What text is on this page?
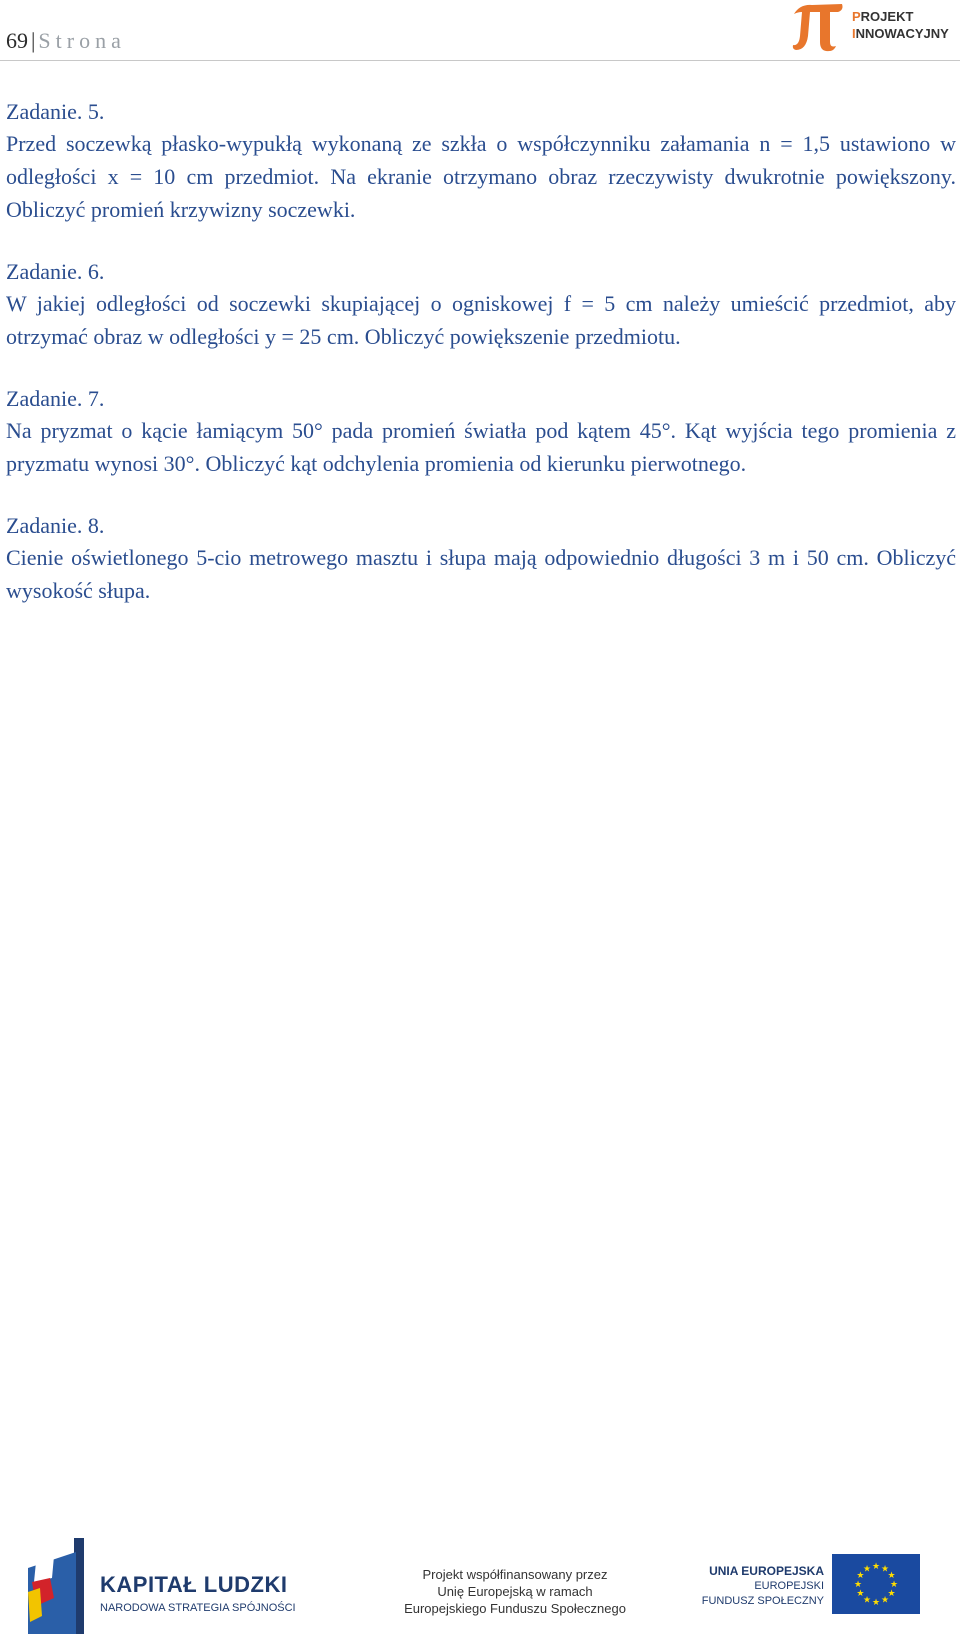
69 | Strona
PROJEKT
INNOWACYJNY
Zadanie. 5.
Przed soczewką płasko-wypukłą wykonaną ze szkła o współczynniku załamania n = 1,5 ustawiono w odległości x = 10 cm przedmiot. Na ekranie otrzymano obraz rzeczywisty dwukrotnie powiększony. Obliczyć promień krzywizny soczewki.
Zadanie. 6.
W jakiej odległości od soczewki skupiającej o ogniskowej f = 5 cm należy umieścić przedmiot, aby otrzymać obraz w odległości y = 25 cm. Obliczyć powiększenie przedmiotu.
Zadanie. 7.
Na pryzmat o kącie łamiącym 50° pada promień światła pod kątem 45°. Kąt wyjścia tego promienia z pryzmatu wynosi 30°. Obliczyć kąt odchylenia promienia od kierunku pierwotnego.
Zadanie. 8.
Cienie oświetlonego 5-cio metrowego masztu i słupa mają odpowiednio długości 3 m i 50 cm. Obliczyć wysokość słupa.
KAPITAŁ LUDZKI
NARODOWA STRATEGIA SPÓJNOŚCI
Projekt współfinansowany przez
Unię Europejską w ramach
Europejskiego Funduszu Społecznego
UNIA EUROPEJSKA
EUROPEJSKI
FUNDUSZ SPOŁECZNY
★ ★
★
★
★
★
★
★
★
★
★
★
